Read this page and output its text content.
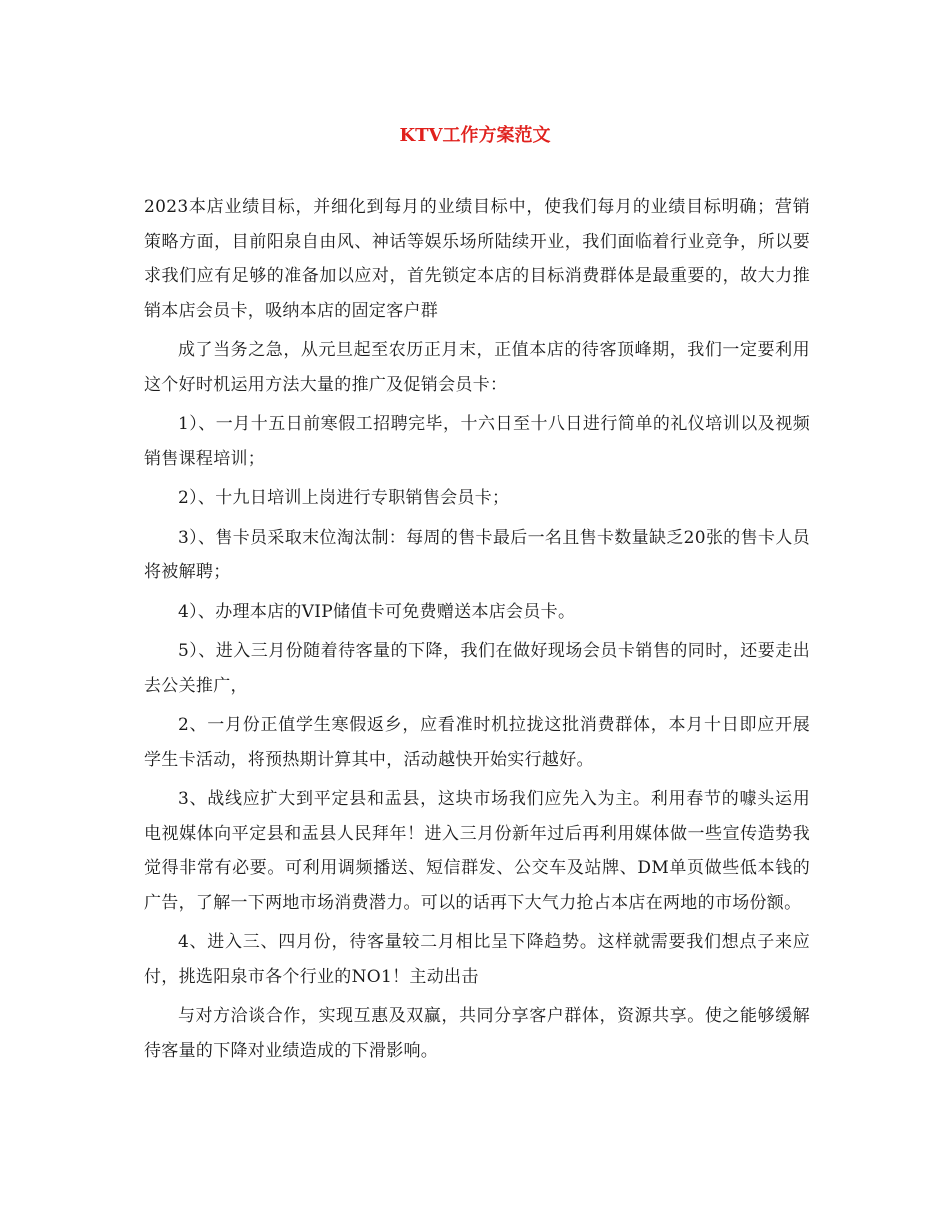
KTV工作方案范文

2023本店业绩目标，并细化到每月的业绩目标中，使我们每月的业绩目标明确；营销策略方面，目前阳泉自由风、神话等娱乐场所陆续开业，我们面临着行业竞争，所以要求我们应有足够的准备加以应对，首先锁定本店的目标消费群体是最重要的，故大力推销本店会员卡，吸纳本店的固定客户群

成了当务之急，从元旦起至农历正月末，正值本店的待客顶峰期，我们一定要利用这个好时机运用方法大量的推广及促销会员卡：

1）、一月十五日前寒假工招聘完毕，十六日至十八日进行简单的礼仪培训以及视频销售课程培训；

2）、十九日培训上岗进行专职销售会员卡；

3）、售卡员采取末位淘汰制：每周的售卡最后一名且售卡数量缺乏20张的售卡人员将被解聘；

4）、办理本店的VIP储值卡可免费赠送本店会员卡。

5）、进入三月份随着待客量的下降，我们在做好现场会员卡销售的同时，还要走出去公关推广，

2、一月份正值学生寒假返乡，应看准时机拉拢这批消费群体，本月十日即应开展学生卡活动，将预热期计算其中，活动越快开始实行越好。

3、战线应扩大到平定县和盂县，这块市场我们应先入为主。利用春节的噱头运用电视媒体向平定县和盂县人民拜年！进入三月份新年过后再利用媒体做一些宣传造势我觉得非常有必要。可利用调频播送、短信群发、公交车及站牌、DM单页做些低本钱的广告，了解一下两地市场消费潜力。可以的话再下大气力抢占本店在两地的市场份额。

4、进入三、四月份，待客量较二月相比呈下降趋势。这样就需要我们想点子来应付，挑选阳泉市各个行业的NO1！主动出击

与对方洽谈合作，实现互惠及双赢，共同分享客户群体，资源共享。使之能够缓解待客量的下降对业绩造成的下滑影响。
